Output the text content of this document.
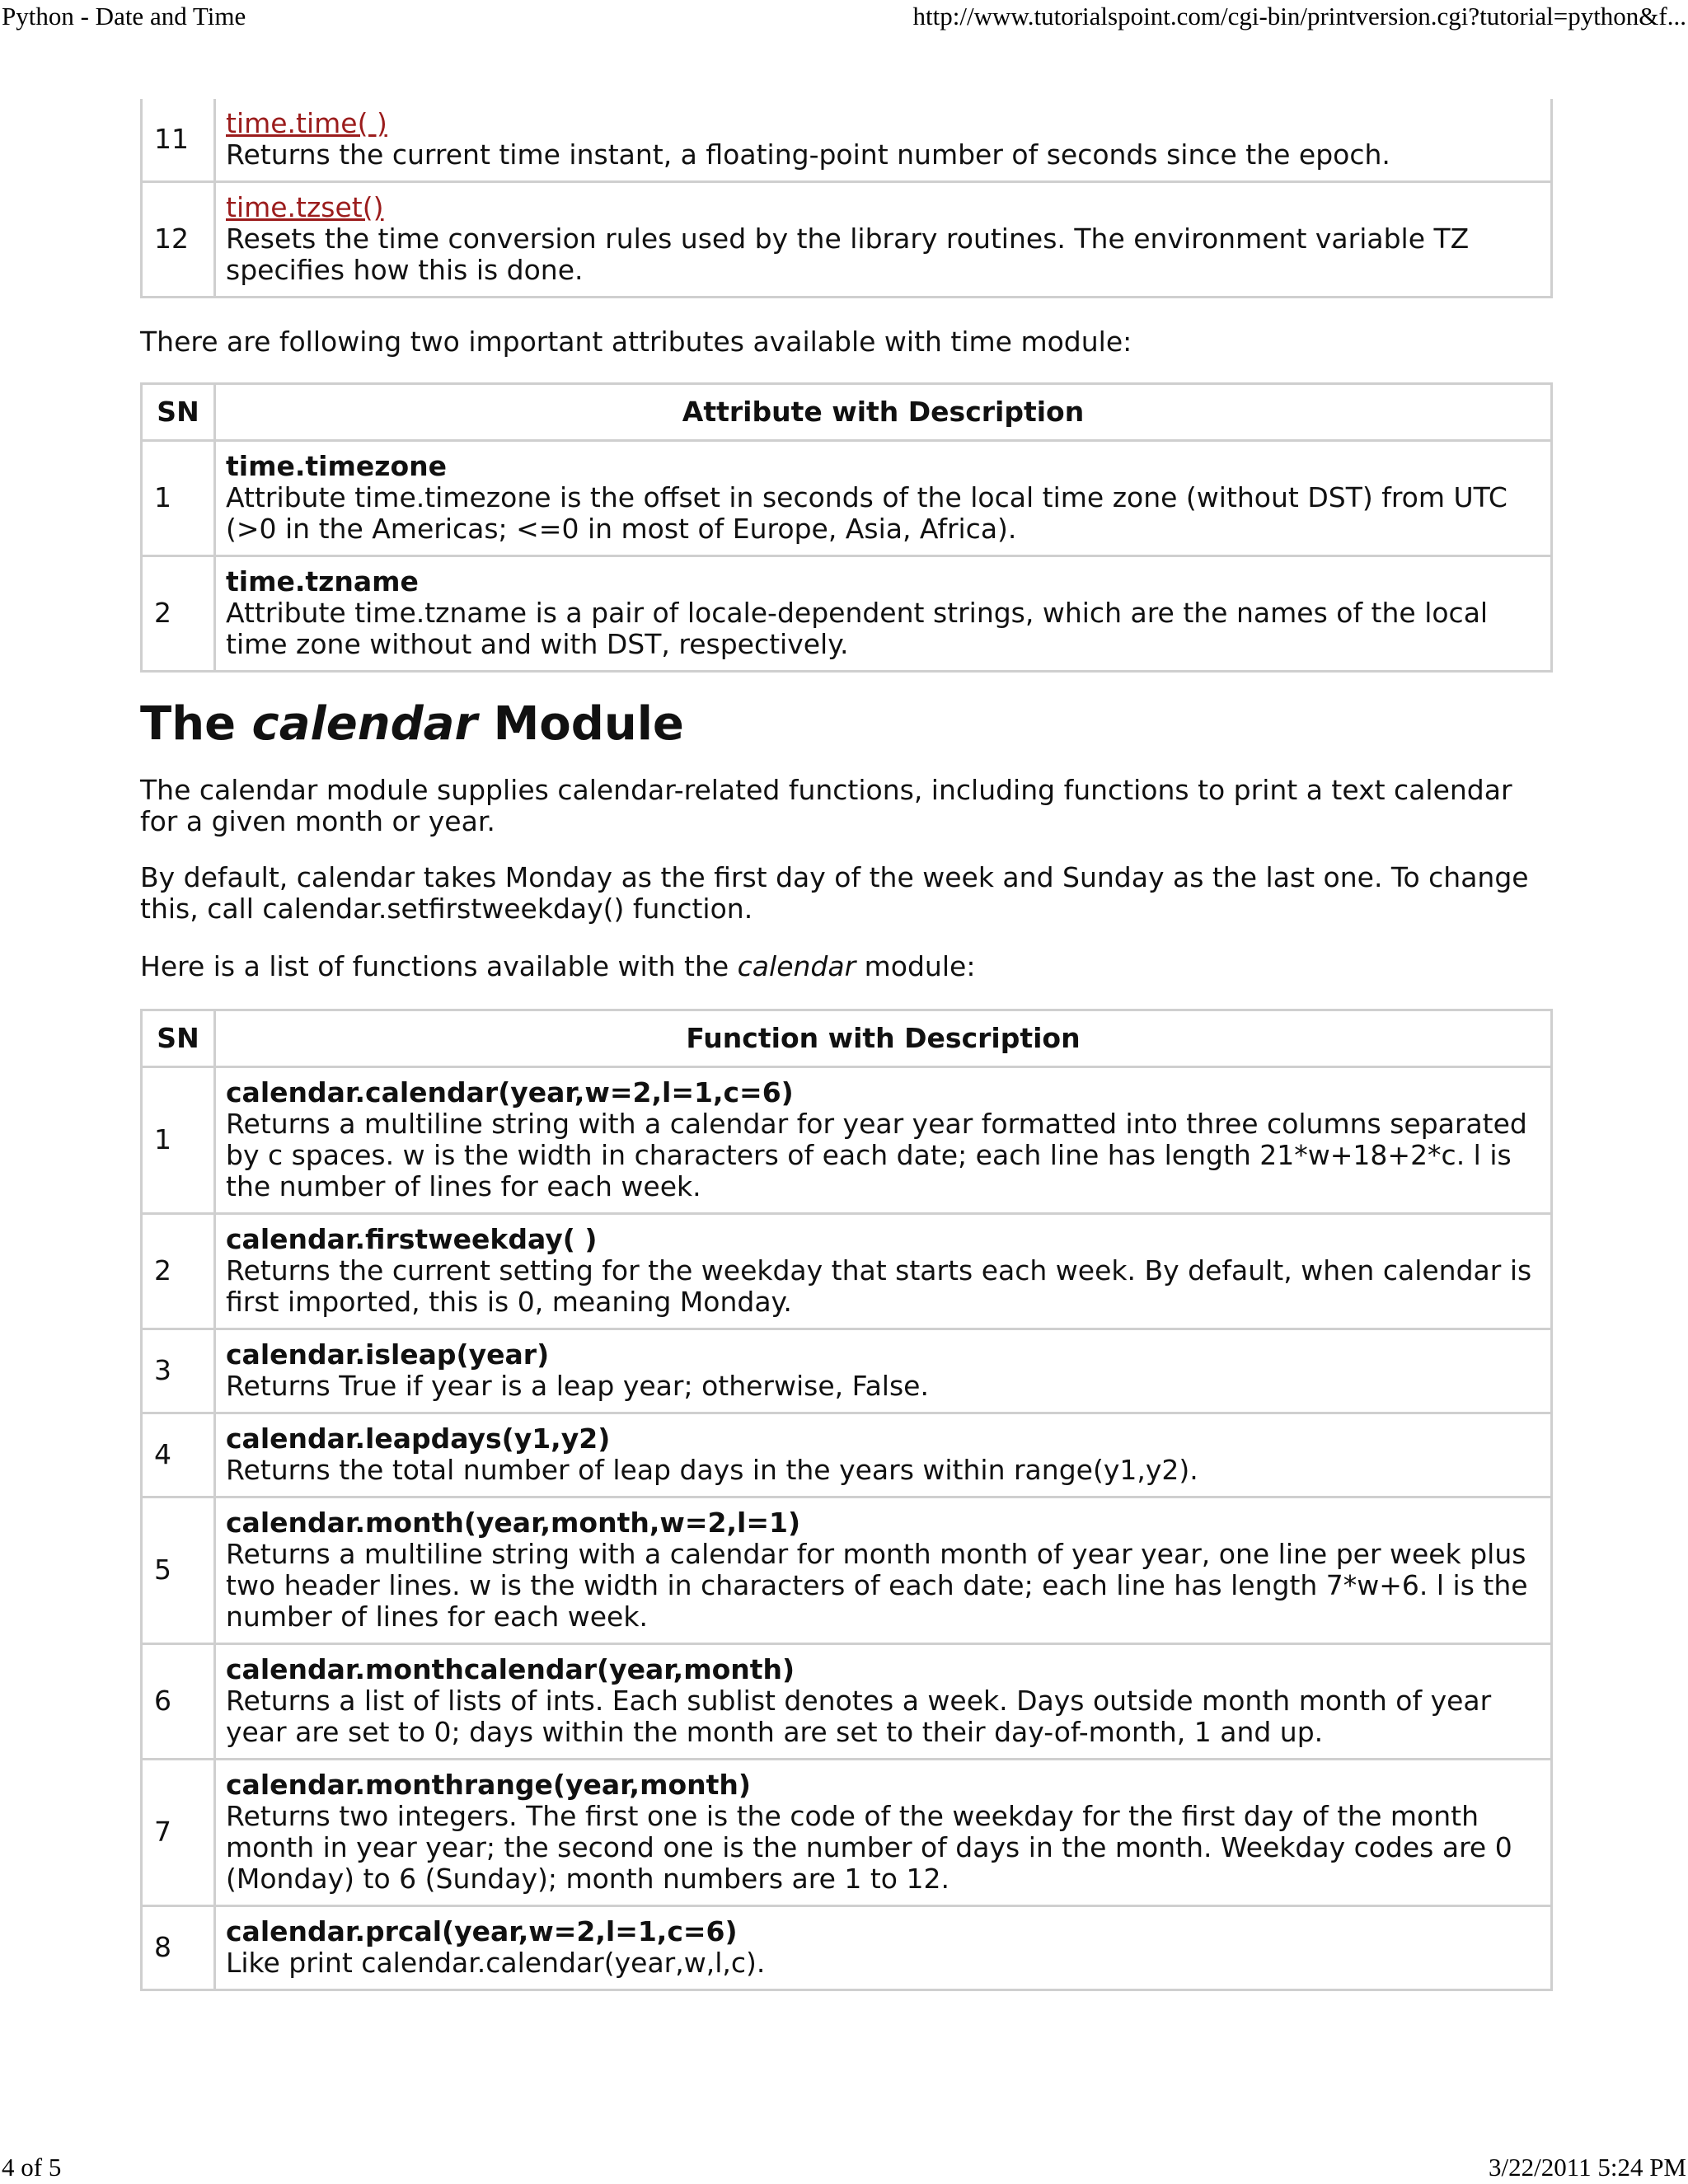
Python - Date and Time	http://www.tutorialspoint.com/cgi-bin/printversion.cgi?tutorial=python&f...
11	time.time( )
Returns the current time instant, a floating-point number of seconds since the epoch.
12	time.tzset()
Resets the time conversion rules used by the library routines. The environment variable TZ specifies how this is done.

There are following two important attributes available with time module:

SN	Attribute with Description
1	time.timezone
Attribute time.timezone is the offset in seconds of the local time zone (without DST) from UTC (>0 in the Americas; <=0 in most of Europe, Asia, Africa).
2	time.tzname
Attribute time.tzname is a pair of locale-dependent strings, which are the names of the local time zone without and with DST, respectively.
The calendar Module

The calendar module supplies calendar-related functions, including functions to print a text calendar for a given month or year.

By default, calendar takes Monday as the first day of the week and Sunday as the last one. To change this, call calendar.setfirstweekday() function.

Here is a list of functions available with the calendar module:

SN	Function with Description
1	calendar.calendar(year,w=2,l=1,c=6)
Returns a multiline string with a calendar for year year formatted into three columns separated by c spaces. w is the width in characters of each date; each line has length 21*w+18+2*c. l is the number of lines for each week.
2	calendar.firstweekday( )
Returns the current setting for the weekday that starts each week. By default, when calendar is first imported, this is 0, meaning Monday.
3	calendar.isleap(year)
Returns True if year is a leap year; otherwise, False.
4	calendar.leapdays(y1,y2)
Returns the total number of leap days in the years within range(y1,y2).
5	calendar.month(year,month,w=2,l=1)
Returns a multiline string with a calendar for month month of year year, one line per week plus two header lines. w is the width in characters of each date; each line has length 7*w+6. l is the number of lines for each week.
6	calendar.monthcalendar(year,month)
Returns a list of lists of ints. Each sublist denotes a week. Days outside month month of year year are set to 0; days within the month are set to their day-of-month, 1 and up.
7	calendar.monthrange(year,month)
Returns two integers. The first one is the code of the weekday for the first day of the month month in year year; the second one is the number of days in the month. Weekday codes are 0 (Monday) to 6 (Sunday); month numbers are 1 to 12.
8	calendar.prcal(year,w=2,l=1,c=6)
Like print calendar.calendar(year,w,l,c).
4 of 5	3/22/2011 5:24 PM
